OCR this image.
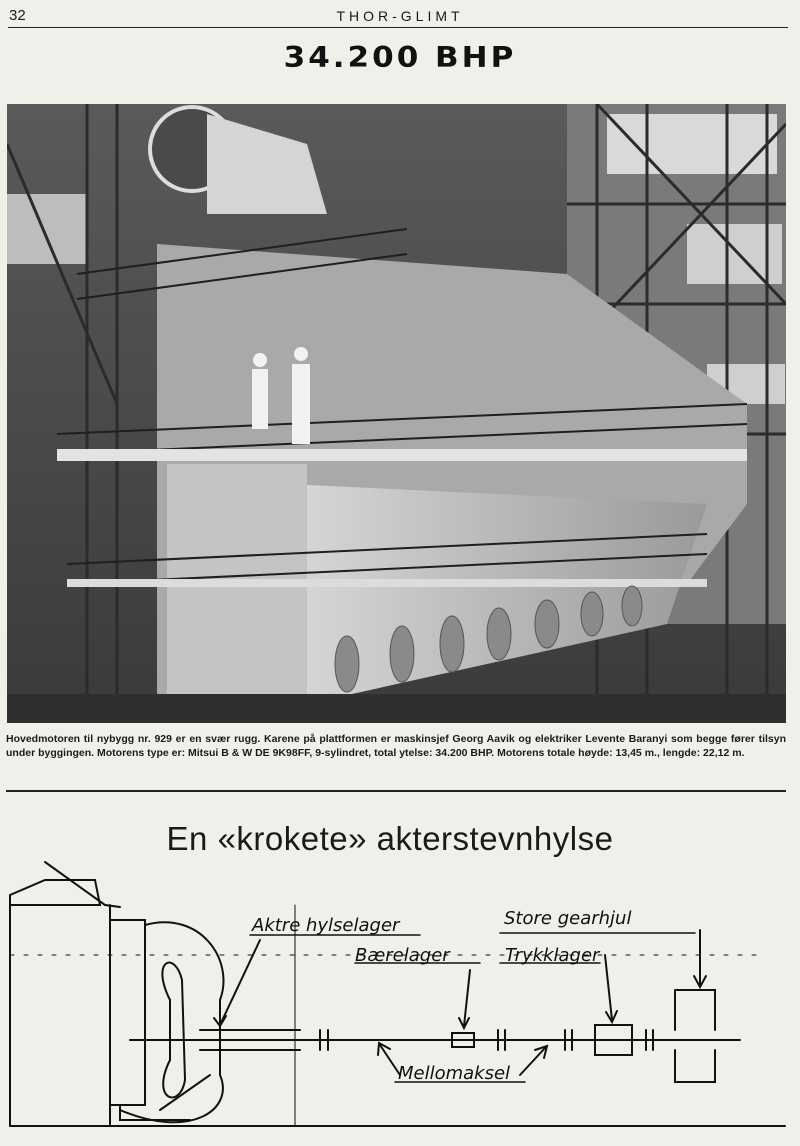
32	THOR-GLIMT
34.200 BHP
Hovedmotoren til nybygg nr. 929 er en svær rugg. Karene på plattformen er maskinsjef Georg Aavik og elektriker Levente Baranyi som begge fører tilsyn under byggingen. Motorens type er: Mitsui B & W DE 9K98FF, 9-sylindret, total ytelse: 34.200 BHP. Motorens totale høyde: 13,45 m., lengde: 22,12 m.
En «krokete» akterstevnhylse
Aktre hylselager
Bærelager
Store gearhjul
Trykklager
Mellomaksel
